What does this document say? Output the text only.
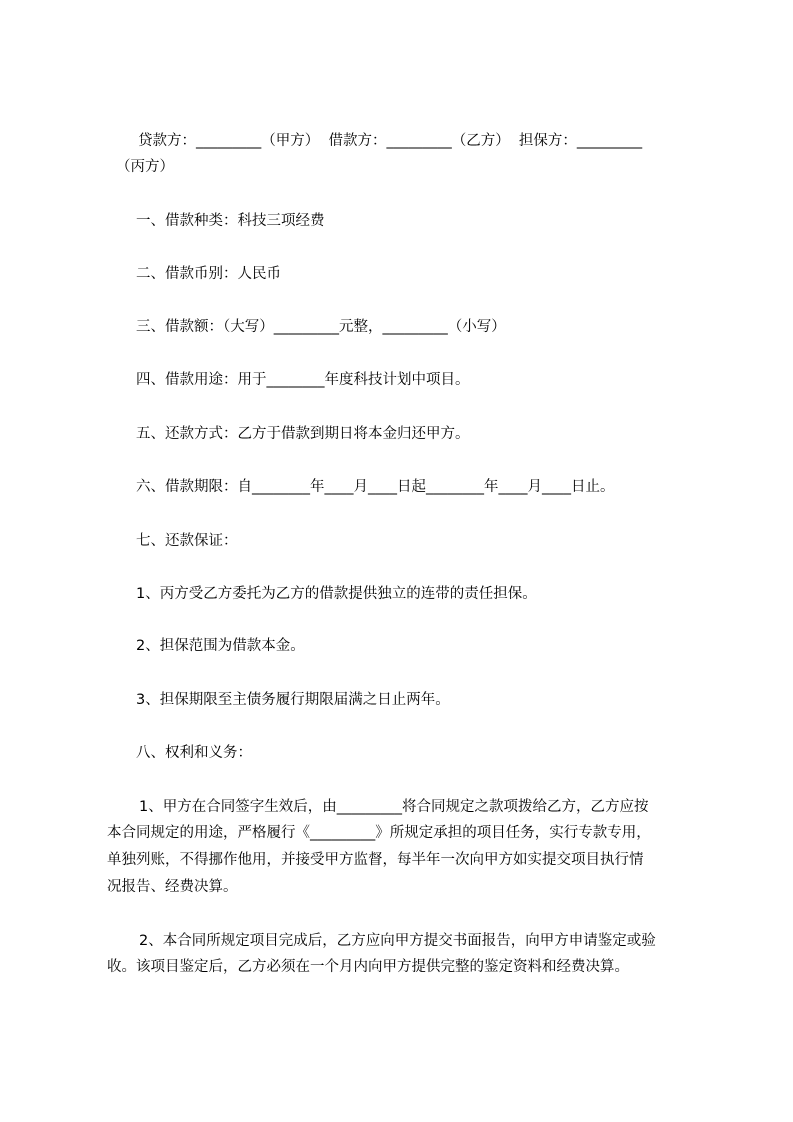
贷款方：_________（甲方）  借款方：_________（乙方）  担保方：_________
（丙方）
一、借款种类：科技三项经费
二、借款币别：人民币
三、借款额：（大写）_________元整，_________（小写）
四、借款用途：用于________年度科技计划中项目。
五、还款方式：乙方于借款到期日将本金归还甲方。
六、借款期限：自________年____月____日起________年____月____日止。
七、还款保证：
1、丙方受乙方委托为乙方的借款提供独立的连带的责任担保。
2、担保范围为借款本金。
3、担保期限至主债务履行期限届满之日止两年。
八、权利和义务：
1、甲方在合同签字生效后，由_________将合同规定之款项拨给乙方，乙方应按
本合同规定的用途，严格履行《_________》所规定承担的项目任务，实行专款专用，
单独列账，不得挪作他用，并接受甲方监督，每半年一次向甲方如实提交项目执行情
况报告、经费决算。
2、本合同所规定项目完成后，乙方应向甲方提交书面报告，向甲方申请鉴定或验
收。该项目鉴定后，乙方必须在一个月内向甲方提供完整的鉴定资料和经费决算。
